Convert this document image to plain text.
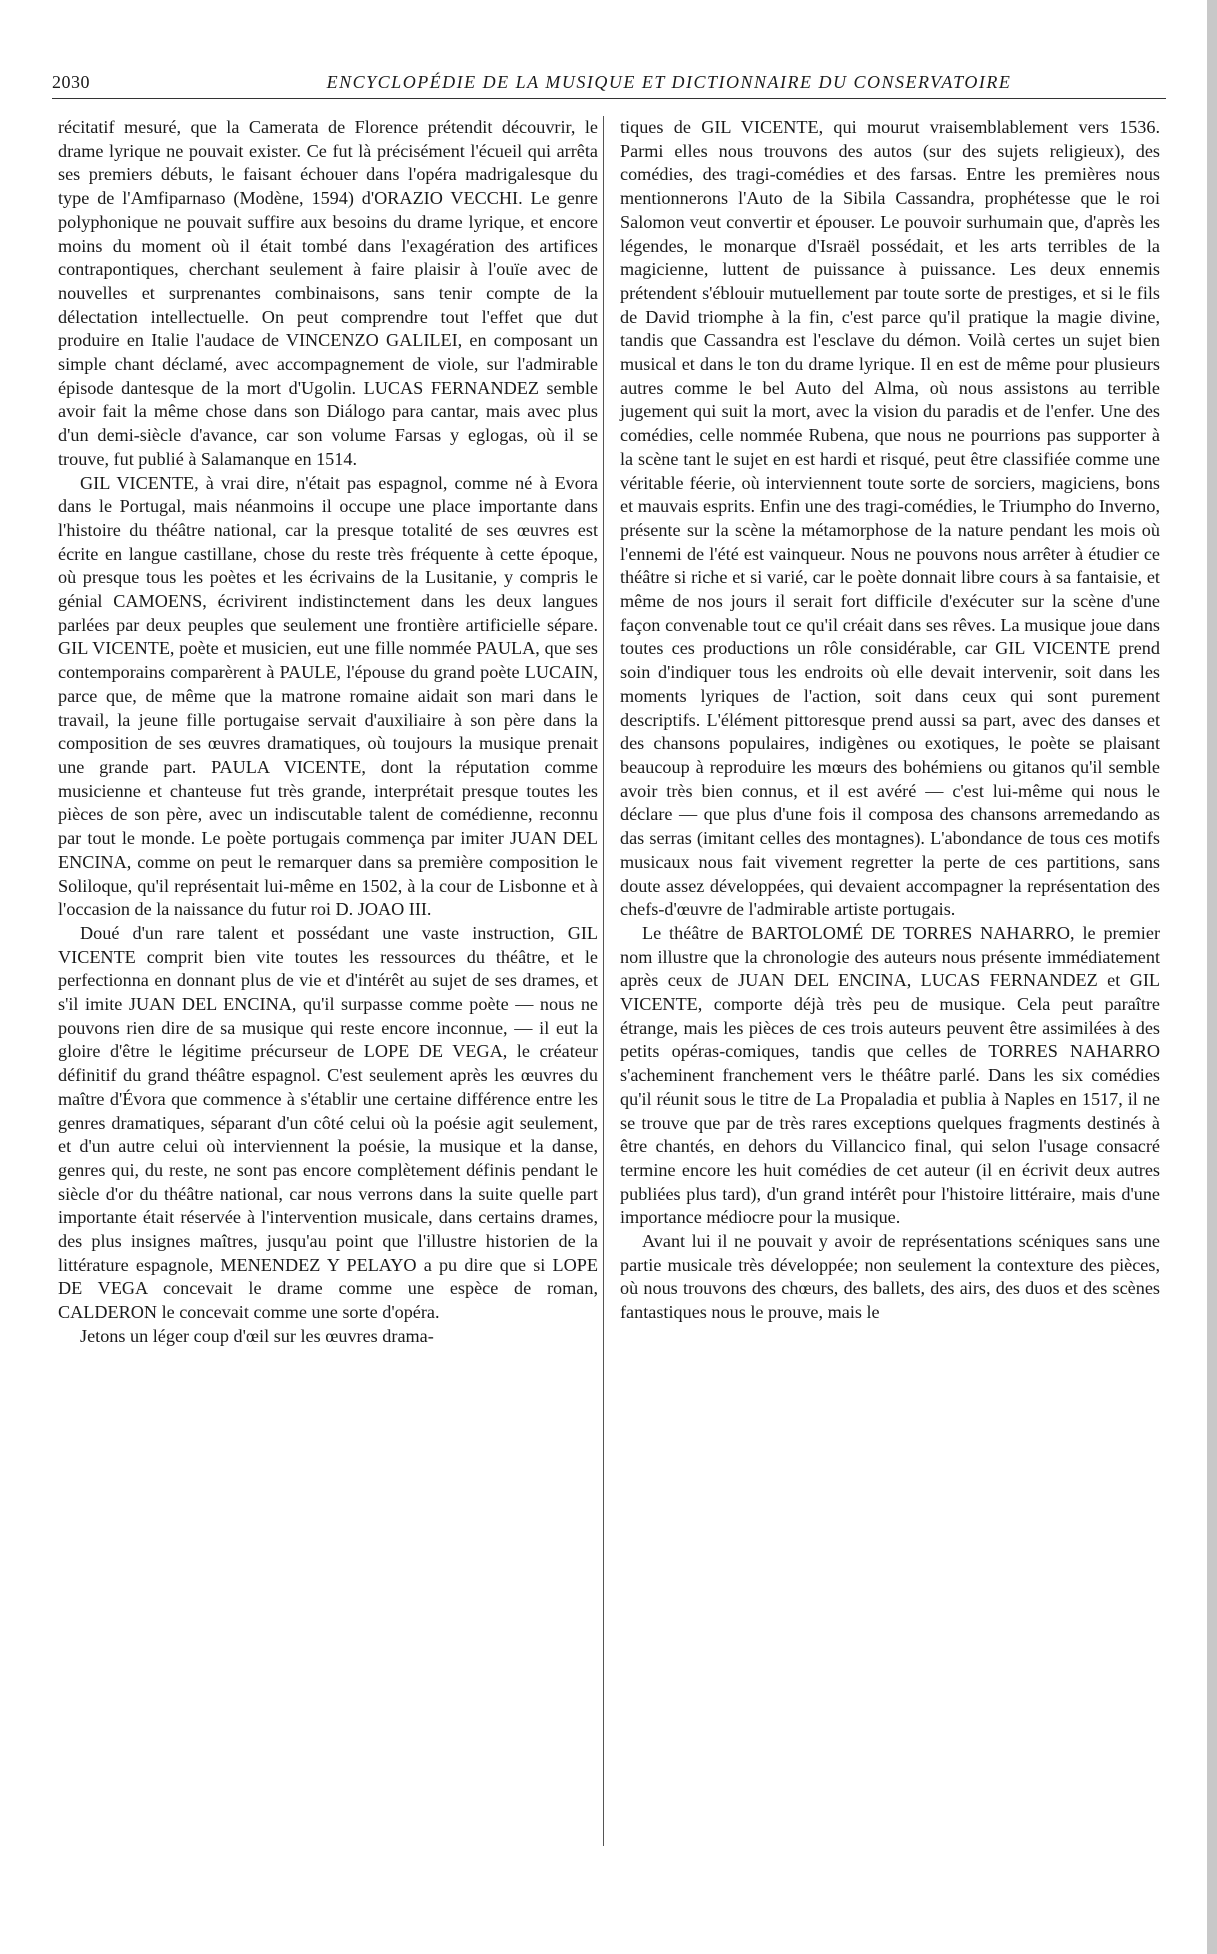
2030	ENCYCLOPÉDIE DE LA MUSIQUE ET DICTIONNAIRE DU CONSERVATOIRE

récitatif mesuré, que la Camerata de Florence prétendit découvrir, le drame lyrique ne pouvait exister. Ce fut là précisément l'écueil qui arrêta ses premiers débuts, le faisant échouer dans l'opéra madrigalesque du type de l'Amfiparnaso (Modène, 1594) d'ORAZIO VECCHI. Le genre polyphonique ne pouvait suffire aux besoins du drame lyrique, et encore moins du moment où il était tombé dans l'exagération des artifices contrapontiques, cherchant seulement à faire plaisir à l'ouïe avec de nouvelles et surprenantes combinaisons, sans tenir compte de la délectation intellectuelle. On peut comprendre tout l'effet que dut produire en Italie l'audace de VINCENZO GALILEI, en composant un simple chant déclamé, avec accompagnement de viole, sur l'admirable épisode dantesque de la mort d'Ugolin. LUCAS FERNANDEZ semble avoir fait la même chose dans son Diálogo para cantar, mais avec plus d'un demi-siècle d'avance, car son volume Farsas y eglogas, où il se trouve, fut publié à Salamanque en 1514.

GIL VICENTE, à vrai dire, n'était pas espagnol, comme né à Evora dans le Portugal, mais néanmoins il occupe une place importante dans l'histoire du théâtre national, car la presque totalité de ses œuvres est écrite en langue castillane, chose du reste très fréquente à cette époque, où presque tous les poètes et les écrivains de la Lusitanie, y compris le génial CAMOENS, écrivirent indistinctement dans les deux langues parlées par deux peuples que seulement une frontière artificielle sépare. GIL VICENTE, poète et musicien, eut une fille nommée PAULA, que ses contemporains comparèrent à PAULE, l'épouse du grand poète LUCAIN, parce que, de même que la matrone romaine aidait son mari dans le travail, la jeune fille portugaise servait d'auxiliaire à son père dans la composition de ses œuvres dramatiques, où toujours la musique prenait une grande part. PAULA VICENTE, dont la réputation comme musicienne et chanteuse fut très grande, interprétait presque toutes les pièces de son père, avec un indiscutable talent de comédienne, reconnu par tout le monde. Le poète portugais commença par imiter JUAN DEL ENCINA, comme on peut le remarquer dans sa première composition le Soliloque, qu'il représentait lui-même en 1502, à la cour de Lisbonne et à l'occasion de la naissance du futur roi D. JOAO III.

Doué d'un rare talent et possédant une vaste instruction, GIL VICENTE comprit bien vite toutes les ressources du théâtre, et le perfectionna en donnant plus de vie et d'intérêt au sujet de ses drames, et s'il imite JUAN DEL ENCINA, qu'il surpasse comme poète — nous ne pouvons rien dire de sa musique qui reste encore inconnue, — il eut la gloire d'être le légitime précurseur de LOPE DE VEGA, le créateur définitif du grand théâtre espagnol. C'est seulement après les œuvres du maître d'Évora que commence à s'établir une certaine différence entre les genres dramatiques, séparant d'un côté celui où la poésie agit seulement, et d'un autre celui où interviennent la poésie, la musique et la danse, genres qui, du reste, ne sont pas encore complètement définis pendant le siècle d'or du théâtre national, car nous verrons dans la suite quelle part importante était réservée à l'intervention musicale, dans certains drames, des plus insignes maîtres, jusqu'au point que l'illustre historien de la littérature espagnole, MENENDEZ Y PELAYO a pu dire que si LOPE DE VEGA concevait le drame comme une espèce de roman, CALDERON le concevait comme une sorte d'opéra.

Jetons un léger coup d'œil sur les œuvres drama-

tiques de GIL VICENTE, qui mourut vraisemblablement vers 1536. Parmi elles nous trouvons des autos (sur des sujets religieux), des comédies, des tragi-comédies et des farsas. Entre les premières nous mentionnerons l'Auto de la Sibila Cassandra, prophétesse que le roi Salomon veut convertir et épouser. Le pouvoir surhumain que, d'après les légendes, le monarque d'Israël possédait, et les arts terribles de la magicienne, luttent de puissance à puissance. Les deux ennemis prétendent s'éblouir mutuellement par toute sorte de prestiges, et si le fils de David triomphe à la fin, c'est parce qu'il pratique la magie divine, tandis que Cassandra est l'esclave du démon. Voilà certes un sujet bien musical et dans le ton du drame lyrique. Il en est de même pour plusieurs autres comme le bel Auto del Alma, où nous assistons au terrible jugement qui suit la mort, avec la vision du paradis et de l'enfer. Une des comédies, celle nommée Rubena, que nous ne pourrions pas supporter à la scène tant le sujet en est hardi et risqué, peut être classifiée comme une véritable féerie, où interviennent toute sorte de sorciers, magiciens, bons et mauvais esprits. Enfin une des tragi-comédies, le Triumpho do Inverno, présente sur la scène la métamorphose de la nature pendant les mois où l'ennemi de l'été est vainqueur. Nous ne pouvons nous arrêter à étudier ce théâtre si riche et si varié, car le poète donnait libre cours à sa fantaisie, et même de nos jours il serait fort difficile d'exécuter sur la scène d'une façon convenable tout ce qu'il créait dans ses rêves. La musique joue dans toutes ces productions un rôle considérable, car GIL VICENTE prend soin d'indiquer tous les endroits où elle devait intervenir, soit dans les moments lyriques de l'action, soit dans ceux qui sont purement descriptifs. L'élément pittoresque prend aussi sa part, avec des danses et des chansons populaires, indigènes ou exotiques, le poète se plaisant beaucoup à reproduire les mœurs des bohémiens ou gitanos qu'il semble avoir très bien connus, et il est avéré — c'est lui-même qui nous le déclare — que plus d'une fois il composa des chansons arremedando as das serras (imitant celles des montagnes). L'abondance de tous ces motifs musicaux nous fait vivement regretter la perte de ces partitions, sans doute assez développées, qui devaient accompagner la représentation des chefs-d'œuvre de l'admirable artiste portugais.

Le théâtre de BARTOLOMÉ DE TORRES NAHARRO, le premier nom illustre que la chronologie des auteurs nous présente immédiatement après ceux de JUAN DEL ENCINA, LUCAS FERNANDEZ et GIL VICENTE, comporte déjà très peu de musique. Cela peut paraître étrange, mais les pièces de ces trois auteurs peuvent être assimilées à des petits opéras-comiques, tandis que celles de TORRES NAHARRO s'acheminent franchement vers le théâtre parlé. Dans les six comédies qu'il réunit sous le titre de La Propaladia et publia à Naples en 1517, il ne se trouve que par de très rares exceptions quelques fragments destinés à être chantés, en dehors du Villancico final, qui selon l'usage consacré termine encore les huit comédies de cet auteur (il en écrivit deux autres publiées plus tard), d'un grand intérêt pour l'histoire littéraire, mais d'une importance médiocre pour la musique.

Avant lui il ne pouvait y avoir de représentations scéniques sans une partie musicale très développée; non seulement la contexture des pièces, où nous trouvons des chœurs, des ballets, des airs, des duos et des scènes fantastiques nous le prouve, mais le
